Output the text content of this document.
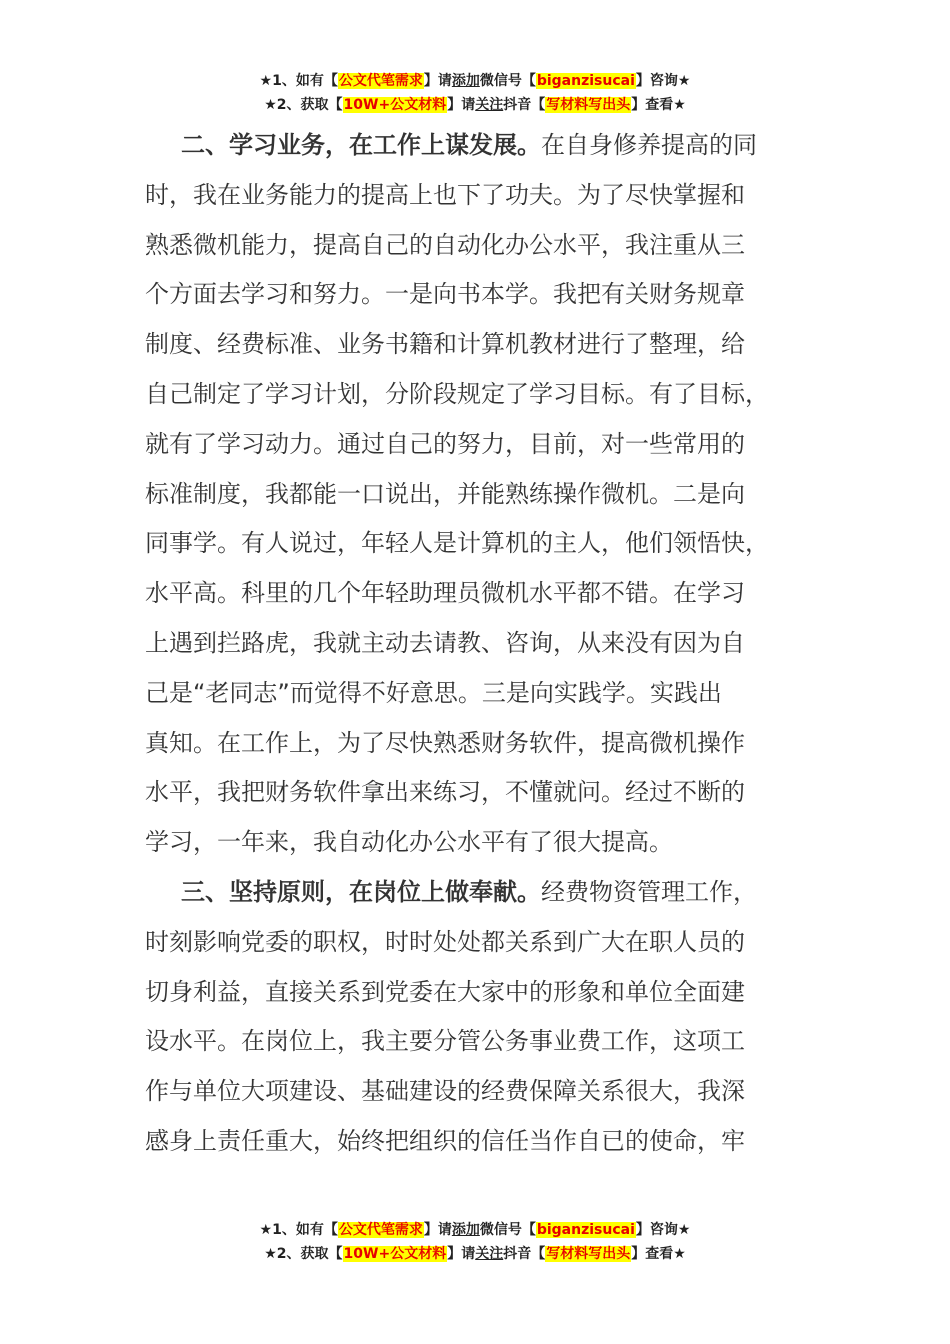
★1、如有【公文代笔需求】请添加微信号【biganzisucai】咨询★
★2、获取【10W+公文材料】请关注抖音【写材料写出头】查看★
二、学习业务，在工作上谋发展。在自身修养提高的同
时，我在业务能力的提高上也下了功夫。为了尽快掌握和
熟悉微机能力，提高自己的自动化办公水平，我注重从三
个方面去学习和努力。一是向书本学。我把有关财务规章
制度、经费标准、业务书籍和计算机教材进行了整理，给
自己制定了学习计划，分阶段规定了学习目标。有了目标，
就有了学习动力。通过自己的努力，目前，对一些常用的
标准制度，我都能一口说出，并能熟练操作微机。二是向
同事学。有人说过，年轻人是计算机的主人，他们领悟快，
水平高。科里的几个年轻助理员微机水平都不错。在学习
上遇到拦路虎，我就主动去请教、咨询，从来没有因为自
己是“老同志”而觉得不好意思。三是向实践学。实践出
真知。在工作上，为了尽快熟悉财务软件，提高微机操作
水平，我把财务软件拿出来练习，不懂就问。经过不断的
学习，一年来，我自动化办公水平有了很大提高。
三、坚持原则，在岗位上做奉献。经费物资管理工作，
时刻影响党委的职权，时时处处都关系到广大在职人员的
切身利益，直接关系到党委在大家中的形象和单位全面建
设水平。在岗位上，我主要分管公务事业费工作，这项工
作与单位大项建设、基础建设的经费保障关系很大，我深
感身上责任重大，始终把组织的信任当作自已的使命，牢
★1、如有【公文代笔需求】请添加微信号【biganzisucai】咨询★
★2、获取【10W+公文材料】请关注抖音【写材料写出头】查看★
